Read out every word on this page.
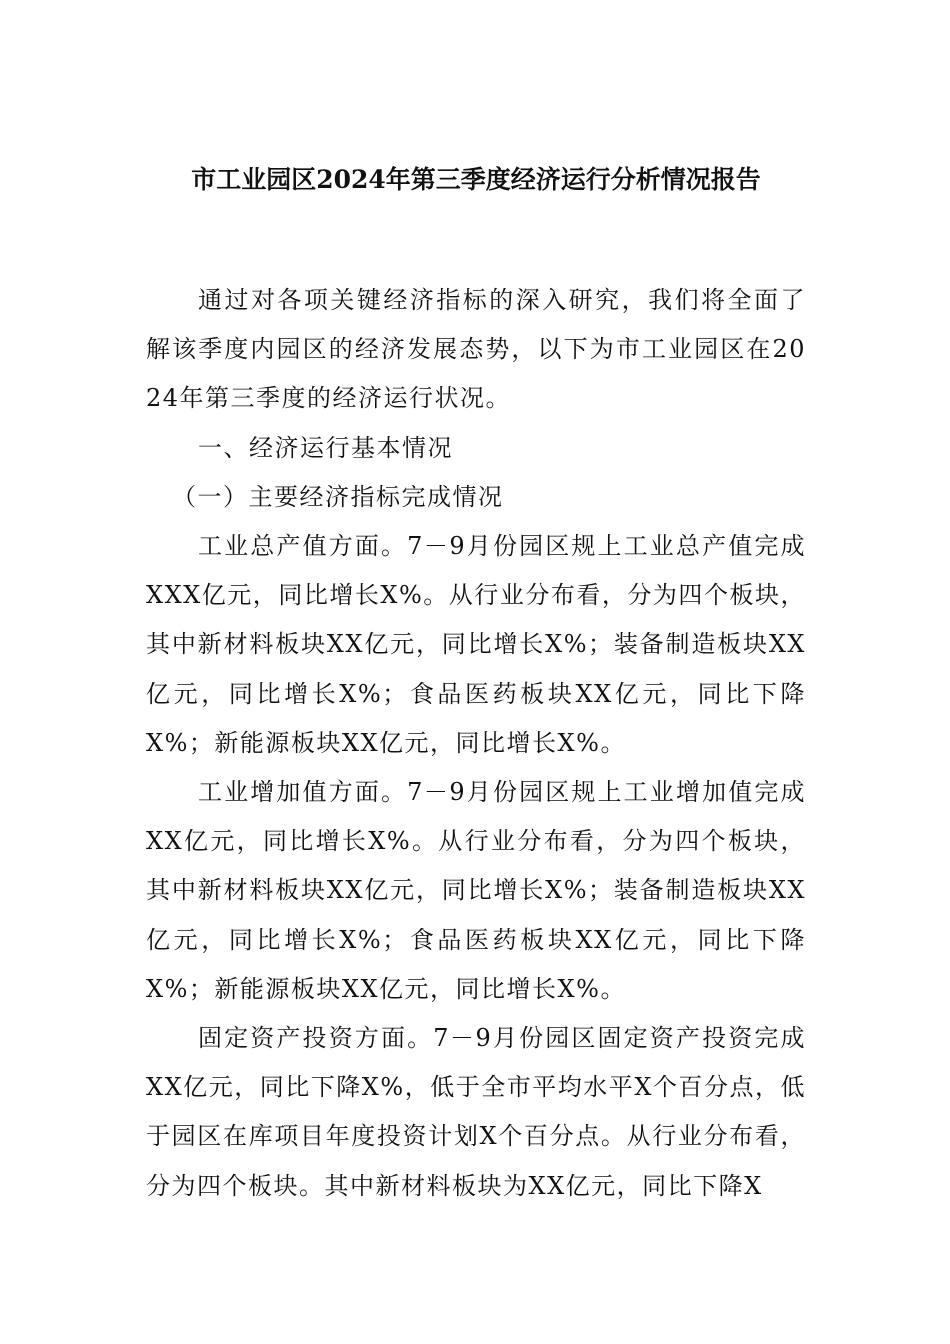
市工业园区2024年第三季度经济运行分析情况报告

通过对各项关键经济指标的深入研究，我们将全面了解该季度内园区的经济发展态势，以下为市工业园区在2024年第三季度的经济运行状况。

一、经济运行基本情况

（一）主要经济指标完成情况

工业总产值方面。7－9月份园区规上工业总产值完成XXX亿元，同比增长X%。从行业分布看，分为四个板块，其中新材料板块XX亿元，同比增长X%；装备制造板块XX亿元，同比增长X%；食品医药板块XX亿元，同比下降X%；新能源板块XX亿元，同比增长X%。

工业增加值方面。7－9月份园区规上工业增加值完成XX亿元，同比增长X%。从行业分布看，分为四个板块，其中新材料板块XX亿元，同比增长X%；装备制造板块XX亿元，同比增长X%；食品医药板块XX亿元，同比下降X%；新能源板块XX亿元，同比增长X%。

固定资产投资方面。7－9月份园区固定资产投资完成XX亿元，同比下降X%，低于全市平均水平X个百分点，低于园区在库项目年度投资计划X个百分点。从行业分布看，分为四个板块。其中新材料板块为XX亿元，同比下降X
